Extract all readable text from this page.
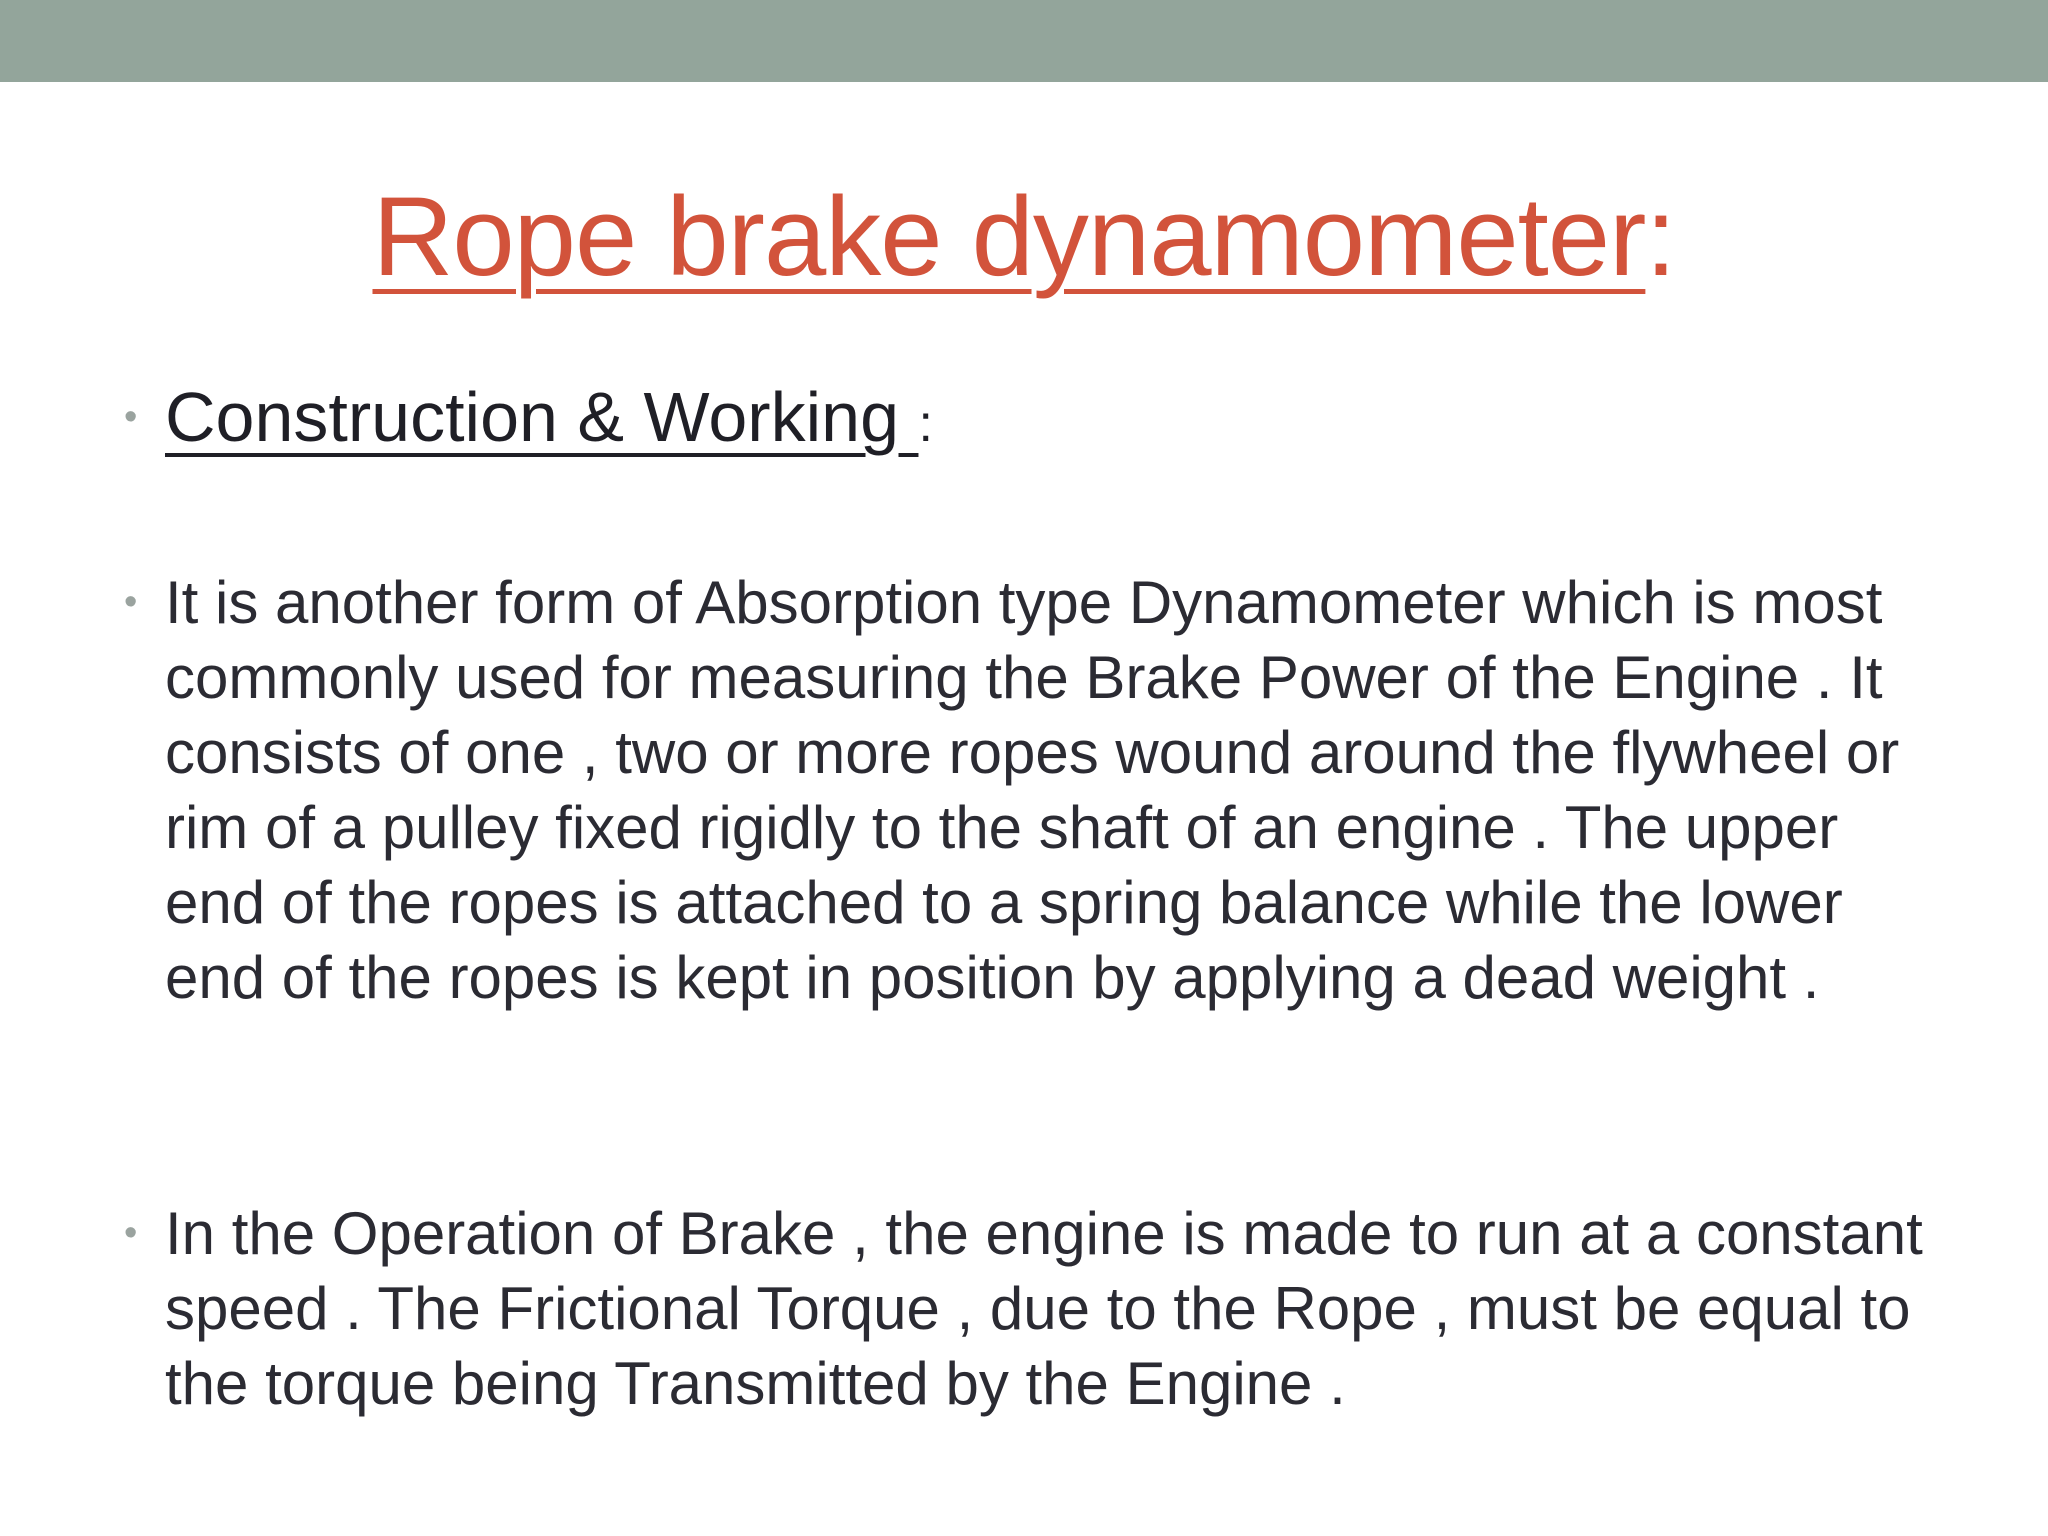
Rope brake dynamometer:
• Construction & Working :
• It is another form of Absorption type Dynamometer which is most commonly used for measuring the Brake Power of the Engine . It consists of one , two or more ropes wound around the flywheel or rim of a pulley fixed rigidly to the shaft of an engine . The upper end of the ropes is attached to a spring balance while the lower end of the ropes is kept in position by applying a dead weight .
• In the Operation of Brake , the engine is made to run at a constant speed . The Frictional Torque , due to the Rope , must be equal to the torque being Transmitted by the Engine .
